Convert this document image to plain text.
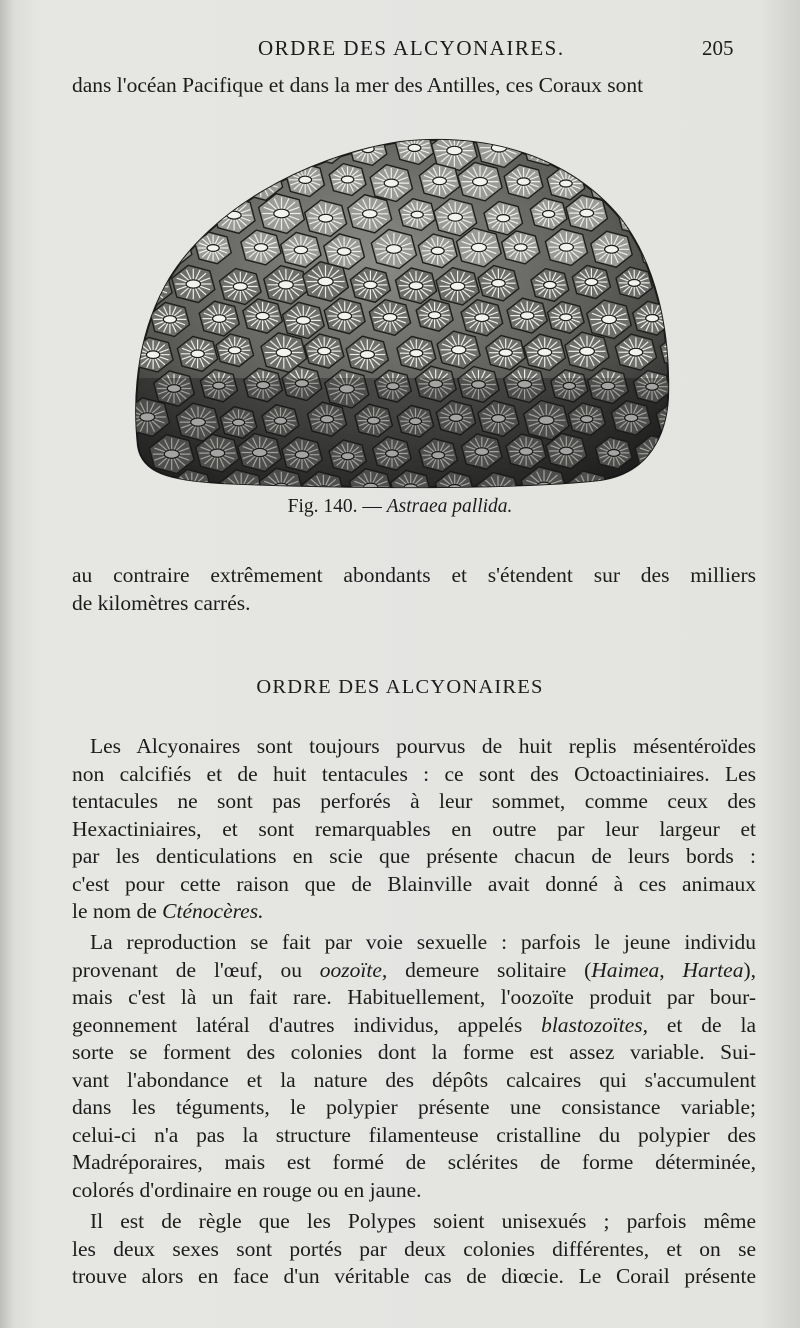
ORDRE DES ALCYONAIRES.	205
dans l'océan Pacifique et dans la mer des Antilles, ces Coraux sont
Fig. 140. — Astraea pallida.
au contraire extrêmement abondants et s'étendent sur des milliers
de kilomètres carrés.
ORDRE DES ALCYONAIRES
Les Alcyonaires sont toujours pourvus de huit replis mésentéroïdes
non calcifiés et de huit tentacules : ce sont des Octoactiniaires. Les
tentacules ne sont pas perforés à leur sommet, comme ceux des
Hexactiniaires, et sont remarquables en outre par leur largeur et
par les denticulations en scie que présente chacun de leurs bords :
c'est pour cette raison que de Blainville avait donné à ces animaux
le nom de Cténocères.
La reproduction se fait par voie sexuelle : parfois le jeune individu
provenant de l'œuf, ou oozoïte, demeure solitaire (Haimea, Hartea),
mais c'est là un fait rare. Habituellement, l'oozoïte produit par bour-
geonnement latéral d'autres individus, appelés blastozoïtes, et de la
sorte se forment des colonies dont la forme est assez variable. Sui-
vant l'abondance et la nature des dépôts calcaires qui s'accumulent
dans les téguments, le polypier présente une consistance variable;
celui-ci n'a pas la structure filamenteuse cristalline du polypier des
Madréporaires, mais est formé de sclérites de forme déterminée,
colorés d'ordinaire en rouge ou en jaune.
Il est de règle que les Polypes soient unisexués ; parfois même
les deux sexes sont portés par deux colonies différentes, et on se
trouve alors en face d'un véritable cas de diœcie. Le Corail présente
